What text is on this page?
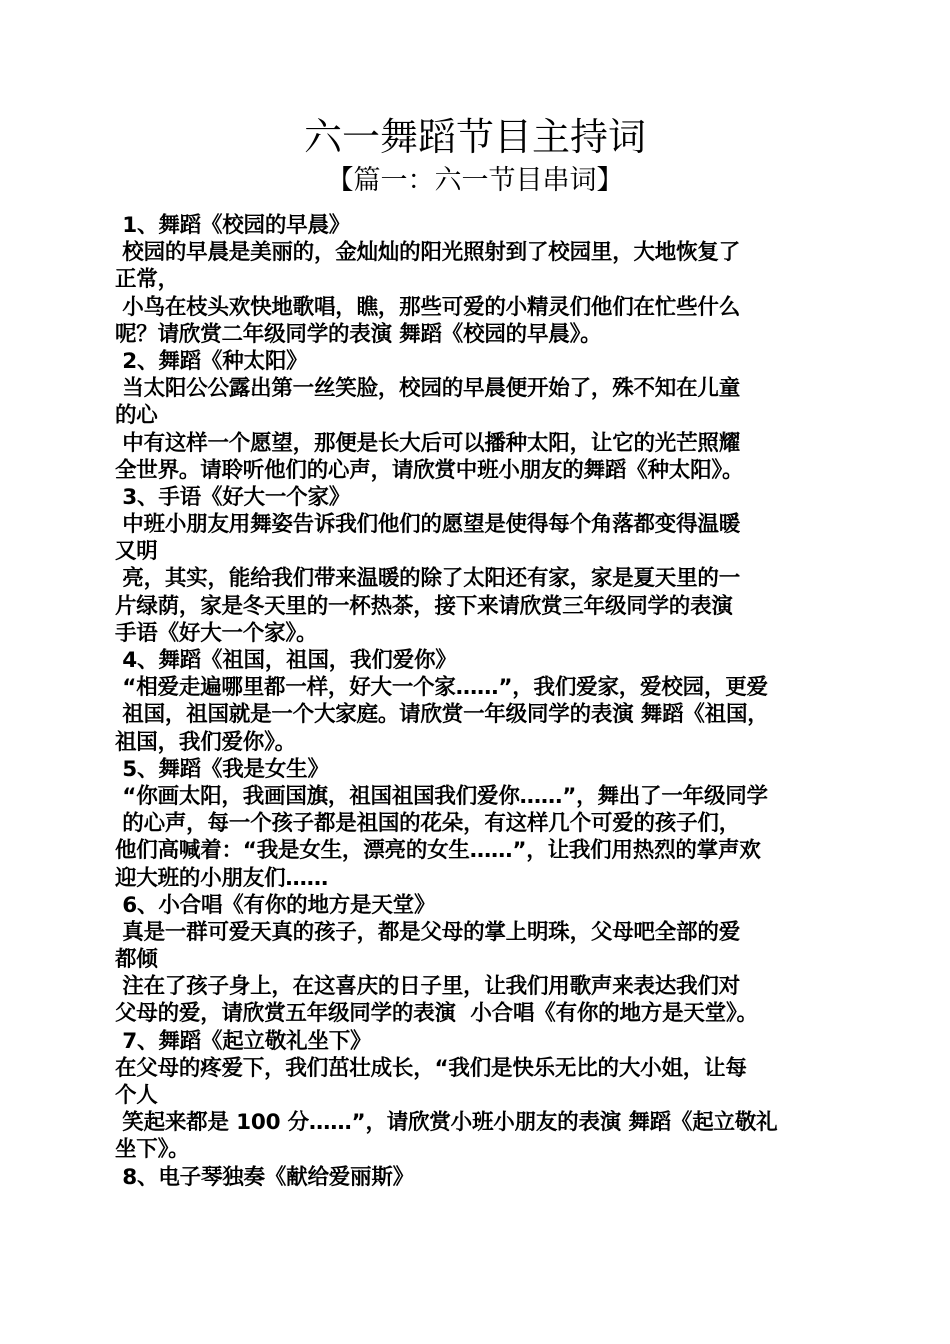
六一舞蹈节目主持词
【篇一：六一节目串词】
1、舞蹈《校园的早晨》
校园的早晨是美丽的，金灿灿的阳光照射到了校园里，大地恢复了
正常，
小鸟在枝头欢快地歌唱，瞧，那些可爱的小精灵们他们在忙些什么
呢？请欣赏二年级同学的表演 舞蹈《校园的早晨》。
2、舞蹈《种太阳》
当太阳公公露出第一丝笑脸，校园的早晨便开始了，殊不知在儿童
的心
中有这样一个愿望，那便是长大后可以播种太阳，让它的光芒照耀
全世界。请聆听他们的心声，请欣赏中班小朋友的舞蹈《种太阳》。
3、手语《好大一个家》
中班小朋友用舞姿告诉我们他们的愿望是使得每个角落都变得温暖
又明
亮，其实，能给我们带来温暖的除了太阳还有家，家是夏天里的一
片绿荫，家是冬天里的一杯热茶，接下来请欣赏三年级同学的表演
手语《好大一个家》。
4、舞蹈《祖国，祖国，我们爱你》
“相爱走遍哪里都一样，好大一个家……”，我们爱家，爱校园，更爱
祖国，祖国就是一个大家庭。请欣赏一年级同学的表演 舞蹈《祖国，
祖国，我们爱你》。
5、舞蹈《我是女生》
“你画太阳，我画国旗，祖国祖国我们爱你……”，舞出了一年级同学
的心声，每一个孩子都是祖国的花朵，有这样几个可爱的孩子们，
他们高喊着：“我是女生，漂亮的女生……”，让我们用热烈的掌声欢
迎大班的小朋友们……
6、小合唱《有你的地方是天堂》
真是一群可爱天真的孩子，都是父母的掌上明珠，父母吧全部的爱
都倾
注在了孩子身上，在这喜庆的日子里，让我们用歌声来表达我们对
父母的爱，请欣赏五年级同学的表演  小合唱《有你的地方是天堂》。
7、舞蹈《起立敬礼坐下》
在父母的疼爱下，我们茁壮成长，“我们是快乐无比的大小姐，让每
个人
笑起来都是 100 分……”，请欣赏小班小朋友的表演 舞蹈《起立敬礼
坐下》。
8、电子琴独奏《献给爱丽斯》
